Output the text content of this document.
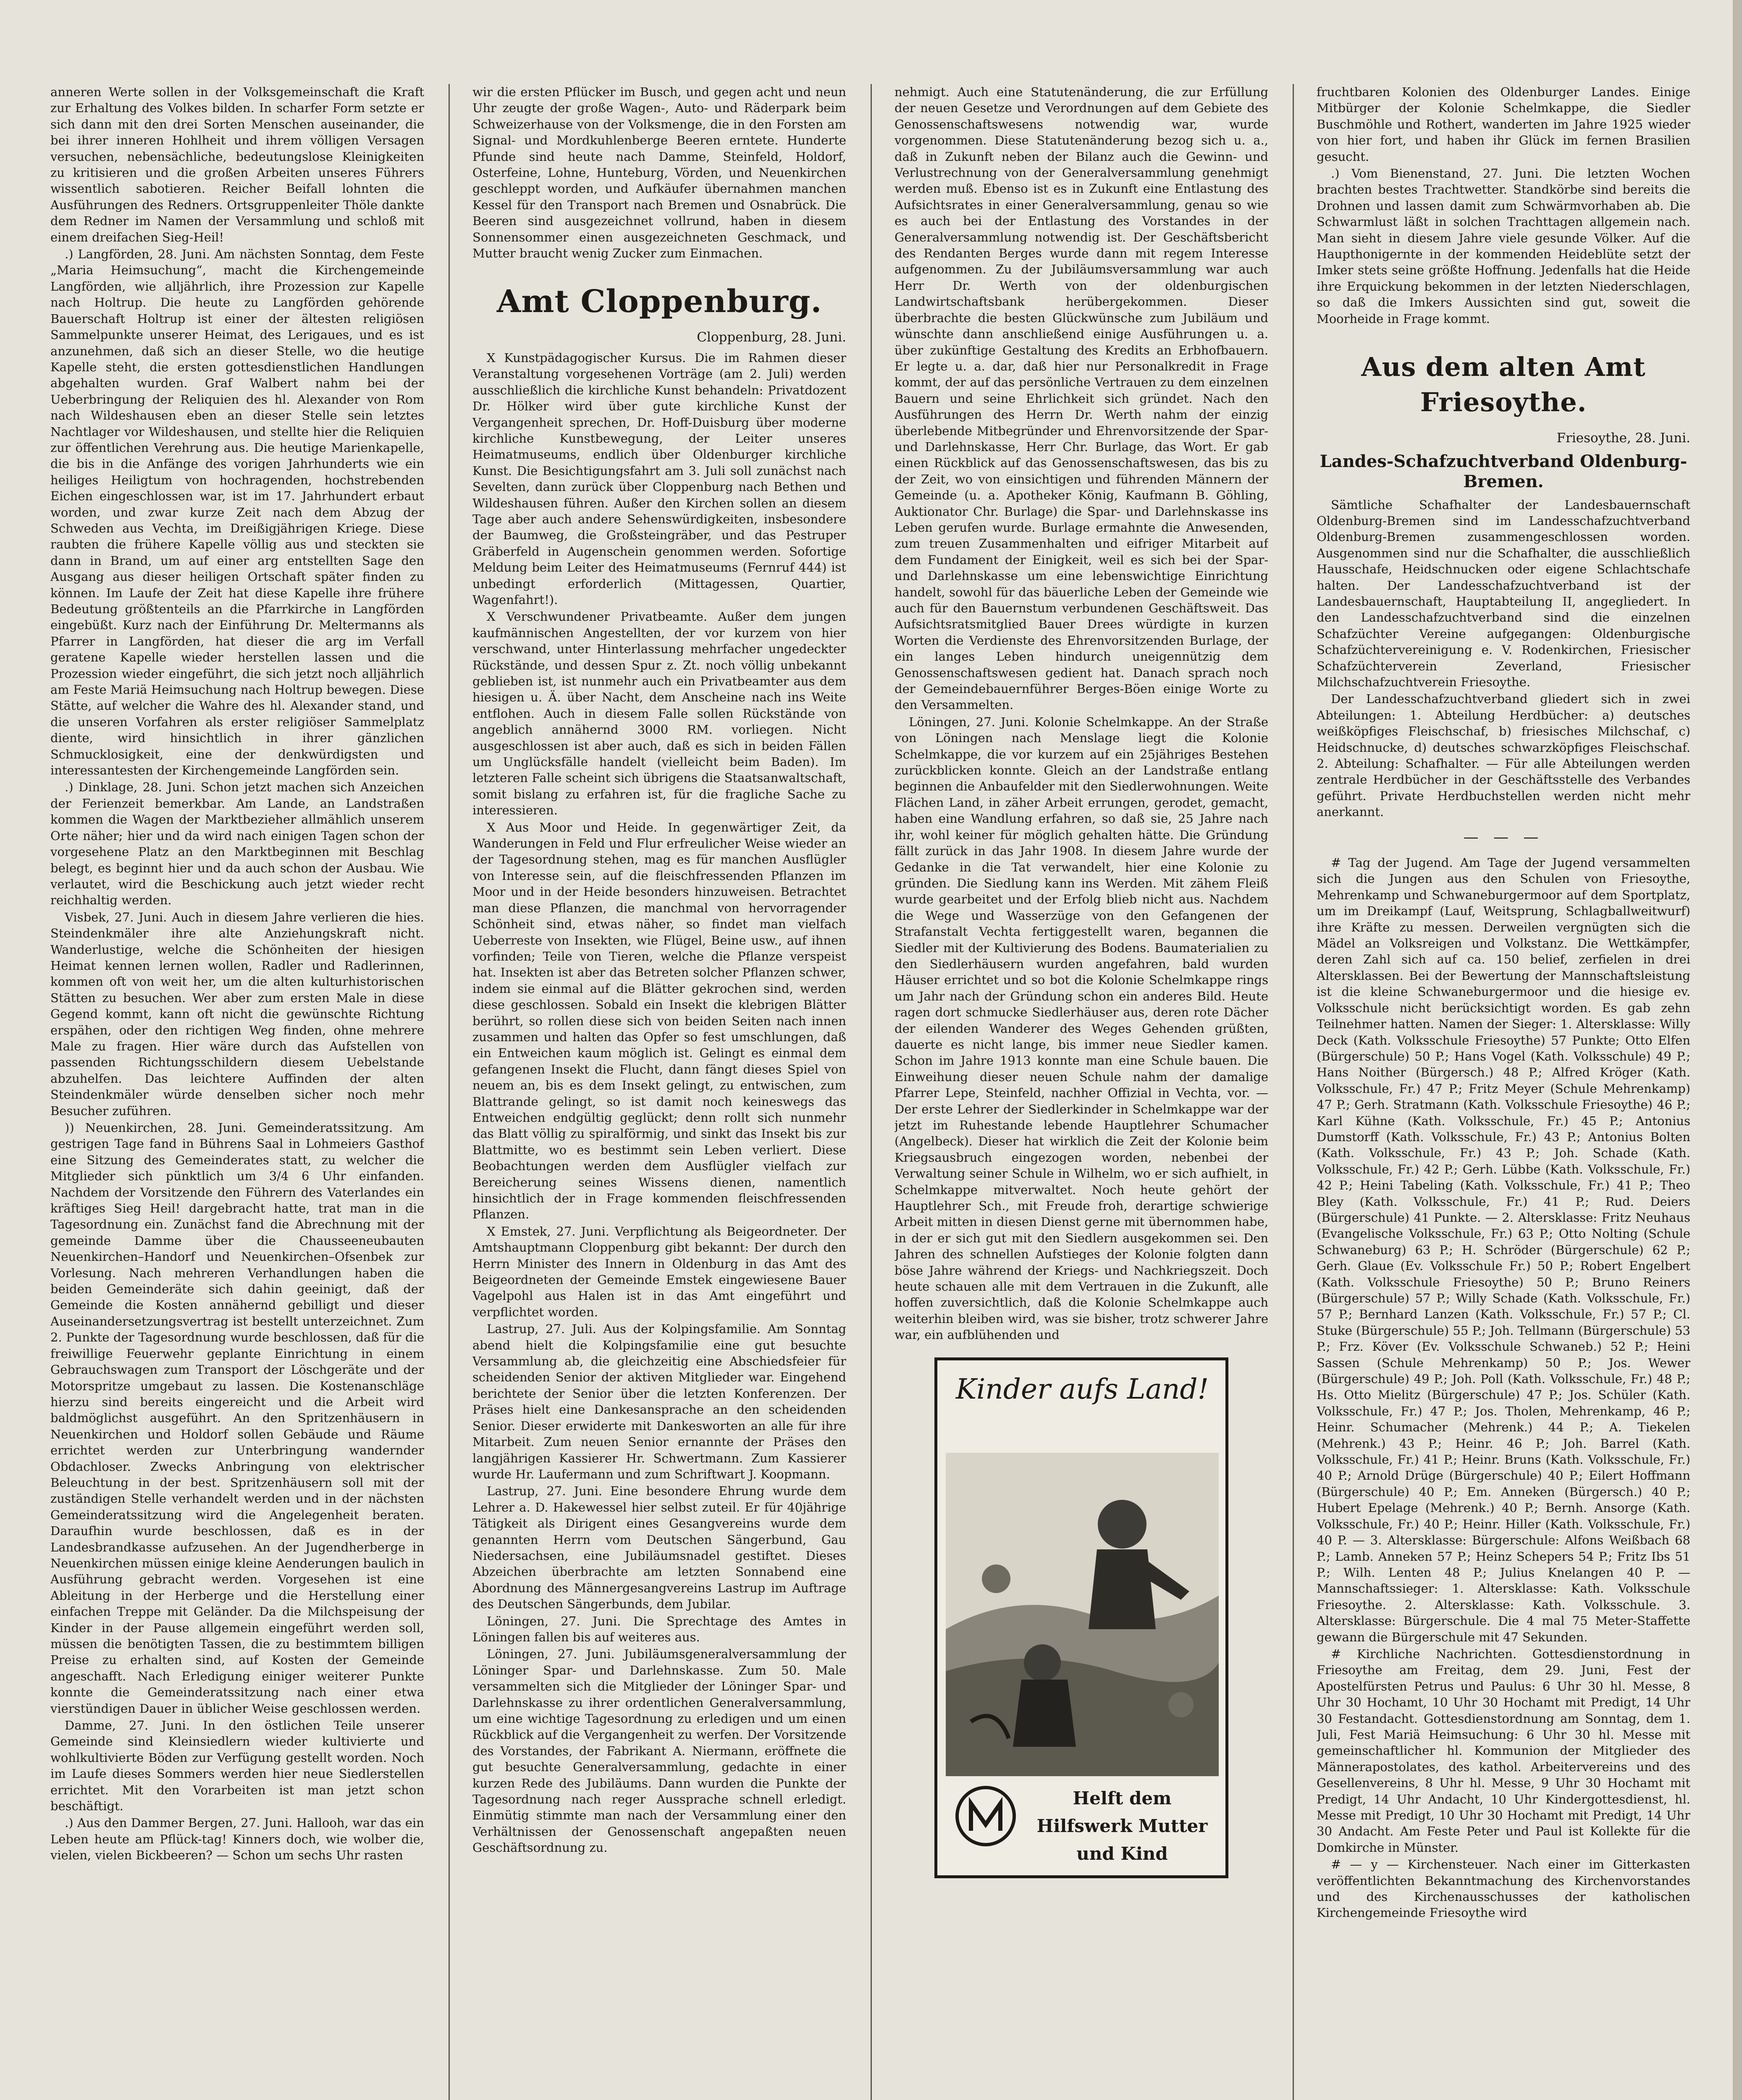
anneren Werte sollen in der Volksgemeinschaft die Kraft zur Erhaltung des Volkes bilden. In scharfer Form setzte er sich dann mit den drei Sorten Menschen auseinander, die bei ihrer inneren Hohlheit und ihrem völligen Versagen versuchen, nebensächliche, bedeutungslose Kleinigkeiten zu kritisieren und die großen Arbeiten unseres Führers wissentlich sabotieren. Reicher Beifall lohnten die Ausführungen des Redners. Ortsgruppenleiter Thöle dankte dem Redner im Namen der Versammlung und schloß mit einem dreifachen Sieg-Heil!

.) Langförden, 28. Juni. Am nächsten Sonntag, dem Feste „Maria Heimsuchung“, macht die Kirchengemeinde Langförden, wie alljährlich, ihre Prozession zur Kapelle nach Holtrup. Die heute zu Langförden gehörende Bauerschaft Holtrup ist einer der ältesten religiösen Sammelpunkte unserer Heimat, des Lerigaues, und es ist anzunehmen, daß sich an dieser Stelle, wo die heutige Kapelle steht, die ersten gottesdienstlichen Handlungen abgehalten wurden. Graf Walbert nahm bei der Ueberbringung der Reliquien des hl. Alexander von Rom nach Wildeshausen eben an dieser Stelle sein letztes Nachtlager vor Wildeshausen, und stellte hier die Reliquien zur öffentlichen Verehrung aus. Die heutige Marienkapelle, die bis in die Anfänge des vorigen Jahrhunderts wie ein heiliges Heiligtum von hochragenden, hochstrebenden Eichen eingeschlossen war, ist im 17. Jahrhundert erbaut worden, und zwar kurze Zeit nach dem Abzug der Schweden aus Vechta, im Dreißigjährigen Kriege. Diese raubten die frühere Kapelle völlig aus und steckten sie dann in Brand, um auf einer arg entstellten Sage den Ausgang aus dieser heiligen Ortschaft später finden zu können. Im Laufe der Zeit hat diese Kapelle ihre frühere Bedeutung größtenteils an die Pfarrkirche in Langförden eingebüßt. Kurz nach der Einführung Dr. Meltermanns als Pfarrer in Langförden, hat dieser die arg im Verfall geratene Kapelle wieder herstellen lassen und die Prozession wieder eingeführt, die sich jetzt noch alljährlich am Feste Mariä Heimsuchung nach Holtrup bewegen. Diese Stätte, auf welcher die Wahre des hl. Alexander stand, und die unseren Vorfahren als erster religiöser Sammelplatz diente, wird hinsichtlich in ihrer gänzlichen Schmucklosigkeit, eine der denkwürdigsten und interessantesten der Kirchengemeinde Langförden sein.

.) Dinklage, 28. Juni. Schon jetzt machen sich Anzeichen der Ferienzeit bemerkbar. Am Lande, an Landstraßen kommen die Wagen der Marktbezieher allmählich unserem Orte näher; hier und da wird nach einigen Tagen schon der vorgesehene Platz an den Marktbeginnen mit Beschlag belegt, es beginnt hier und da auch schon der Ausbau. Wie verlautet, wird die Beschickung auch jetzt wieder recht reichhaltig werden.

Visbek, 27. Juni. Auch in diesem Jahre verlieren die hies. Steindenkmäler ihre alte Anziehungskraft nicht. Wanderlustige, welche die Schönheiten der hiesigen Heimat kennen lernen wollen, Radler und Radlerinnen, kommen oft von weit her, um die alten kulturhistorischen Stätten zu besuchen. Wer aber zum ersten Male in diese Gegend kommt, kann oft nicht die gewünschte Richtung erspähen, oder den richtigen Weg finden, ohne mehrere Male zu fragen. Hier wäre durch das Aufstellen von passenden Richtungsschildern diesem Uebelstande abzuhelfen. Das leichtere Auffinden der alten Steindenkmäler würde denselben sicher noch mehr Besucher zuführen.

)) Neuenkirchen, 28. Juni. Gemeinderatssitzung. Am gestrigen Tage fand in Bührens Saal in Lohmeiers Gasthof eine Sitzung des Gemeinderates statt, zu welcher die Mitglieder sich pünktlich um 3/4 6 Uhr einfanden. Nachdem der Vorsitzende den Führern des Vaterlandes ein kräftiges Sieg Heil! dargebracht hatte, trat man in die Tagesordnung ein. Zunächst fand die Abrechnung mit der gemeinde Damme über die Chausseeneubauten Neuenkirchen–Handorf und Neuenkirchen–Ofsenbek zur Vorlesung. Nach mehreren Verhandlungen haben die beiden Gemeinderäte sich dahin geeinigt, daß der Gemeinde die Kosten annähernd gebilligt und dieser Auseinandersetzungsvertrag ist bestellt unterzeichnet. Zum 2. Punkte der Tagesordnung wurde beschlossen, daß für die freiwillige Feuerwehr geplante Einrichtung in einem Gebrauchswagen zum Transport der Löschgeräte und der Motorspritze umgebaut zu lassen. Die Kostenanschläge hierzu sind bereits eingereicht und die Arbeit wird baldmöglichst ausgeführt. An den Spritzenhäusern in Neuenkirchen und Holdorf sollen Gebäude und Räume errichtet werden zur Unterbringung wandernder Obdachloser. Zwecks Anbringung von elektrischer Beleuchtung in der best. Spritzenhäusern soll mit der zuständigen Stelle verhandelt werden und in der nächsten Gemeinderatssitzung wird die Angelegenheit beraten. Daraufhin wurde beschlossen, daß es in der Landesbrandkasse aufzusehen. An der Jugendherberge in Neuenkirchen müssen einige kleine Aenderungen baulich in Ausführung gebracht werden. Vorgesehen ist eine Ableitung in der Herberge und die Herstellung einer einfachen Treppe mit Geländer. Da die Milchspeisung der Kinder in der Pause allgemein eingeführt werden soll, müssen die benötigten Tassen, die zu bestimmtem billigen Preise zu erhalten sind, auf Kosten der Gemeinde angeschafft. Nach Erledigung einiger weiterer Punkte konnte die Gemeinderatssitzung nach einer etwa vierstündigen Dauer in üblicher Weise geschlossen werden.

Damme, 27. Juni. In den östlichen Teile unserer Gemeinde sind Kleinsiedlern wieder kultivierte und wohlkultivierte Böden zur Verfügung gestellt worden. Noch im Laufe dieses Sommers werden hier neue Siedlerstellen errichtet. Mit den Vorarbeiten ist man jetzt schon beschäftigt.

.) Aus den Dammer Bergen, 27. Juni. Hallooh, war das ein Leben heute am Pflück-tag! Kinners doch, wie wolber die, vielen, vielen Bickbeeren? — Schon um sechs Uhr rasten

wir die ersten Pflücker im Busch, und gegen acht und neun Uhr zeugte der große Wagen-, Auto- und Räderpark beim Schweizerhause von der Volksmenge, die in den Forsten am Signal- und Mordkuhlenberge Beeren erntete. Hunderte Pfunde sind heute nach Damme, Steinfeld, Holdorf, Osterfeine, Lohne, Hunteburg, Vörden, und Neuenkirchen geschleppt worden, und Aufkäufer übernahmen manchen Kessel für den Transport nach Bremen und Osnabrück. Die Beeren sind ausgezeichnet vollrund, haben in diesem Sonnensommer einen ausgezeichneten Geschmack, und Mutter braucht wenig Zucker zum Einmachen.

Amt Cloppenburg.

Cloppenburg, 28. Juni.

X Kunstpädagogischer Kursus. Die im Rahmen dieser Veranstaltung vorgesehenen Vorträge (am 2. Juli) werden ausschließlich die kirchliche Kunst behandeln: Privatdozent Dr. Hölker wird über gute kirchliche Kunst der Vergangenheit sprechen, Dr. Hoff-Duisburg über moderne kirchliche Kunstbewegung, der Leiter unseres Heimatmuseums, endlich über Oldenburger kirchliche Kunst. Die Besichtigungsfahrt am 3. Juli soll zunächst nach Sevelten, dann zurück über Cloppenburg nach Bethen und Wildeshausen führen. Außer den Kirchen sollen an diesem Tage aber auch andere Sehenswürdigkeiten, insbesondere der Baumweg, die Großsteingräber, und das Pestruper Gräberfeld in Augenschein genommen werden. Sofortige Meldung beim Leiter des Heimatmuseums (Fernruf 444) ist unbedingt erforderlich (Mittagessen, Quartier, Wagenfahrt!).

X Verschwundener Privatbeamte. Außer dem jungen kaufmännischen Angestellten, der vor kurzem von hier verschwand, unter Hinterlassung mehrfacher ungedeckter Rückstände, und dessen Spur z. Zt. noch völlig unbekannt geblieben ist, ist nunmehr auch ein Privatbeamter aus dem hiesigen u. Ä. über Nacht, dem Anscheine nach ins Weite entflohen. Auch in diesem Falle sollen Rückstände von angeblich annähernd 3000 RM. vorliegen. Nicht ausgeschlossen ist aber auch, daß es sich in beiden Fällen um Unglücksfälle handelt (vielleicht beim Baden). Im letzteren Falle scheint sich übrigens die Staatsanwaltschaft, somit bislang zu erfahren ist, für die fragliche Sache zu interessieren.

X Aus Moor und Heide. In gegenwärtiger Zeit, da Wanderungen in Feld und Flur erfreulicher Weise wieder an der Tagesordnung stehen, mag es für manchen Ausflügler von Interesse sein, auf die fleischfressenden Pflanzen im Moor und in der Heide besonders hinzuweisen. Betrachtet man diese Pflanzen, die manchmal von hervorragender Schönheit sind, etwas näher, so findet man vielfach Ueberreste von Insekten, wie Flügel, Beine usw., auf ihnen vorfinden; Teile von Tieren, welche die Pflanze verspeist hat. Insekten ist aber das Betreten solcher Pflanzen schwer, indem sie einmal auf die Blätter gekrochen sind, werden diese geschlossen. Sobald ein Insekt die klebrigen Blätter berührt, so rollen diese sich von beiden Seiten nach innen zusammen und halten das Opfer so fest umschlungen, daß ein Entweichen kaum möglich ist. Gelingt es einmal dem gefangenen Insekt die Flucht, dann fängt dieses Spiel von neuem an, bis es dem Insekt gelingt, zu entwischen, zum Blattrande gelingt, so ist damit noch keineswegs das Entweichen endgültig geglückt; denn rollt sich nunmehr das Blatt völlig zu spiralförmig, und sinkt das Insekt bis zur Blattmitte, wo es bestimmt sein Leben verliert. Diese Beobachtungen werden dem Ausflügler vielfach zur Bereicherung seines Wissens dienen, namentlich hinsichtlich der in Frage kommenden fleischfressenden Pflanzen.

X Emstek, 27. Juni. Verpflichtung als Beigeordneter. Der Amtshauptmann Cloppenburg gibt bekannt: Der durch den Herrn Minister des Innern in Oldenburg in das Amt des Beigeordneten der Gemeinde Emstek eingewiesene Bauer Vagelpohl aus Halen ist in das Amt eingeführt und verpflichtet worden.

Lastrup, 27. Juli. Aus der Kolpingsfamilie. Am Sonntag abend hielt die Kolpingsfamilie eine gut besuchte Versammlung ab, die gleichzeitig eine Abschiedsfeier für scheidenden Senior der aktiven Mitglieder war. Eingehend berichtete der Senior über die letzten Konferenzen. Der Präses hielt eine Dankesansprache an den scheidenden Senior. Dieser erwiderte mit Dankesworten an alle für ihre Mitarbeit. Zum neuen Senior ernannte der Präses den langjährigen Kassierer Hr. Schwertmann. Zum Kassierer wurde Hr. Laufermann und zum Schriftwart J. Koopmann.

Lastrup, 27. Juni. Eine besondere Ehrung wurde dem Lehrer a. D. Hakewessel hier selbst zuteil. Er für 40jährige Tätigkeit als Dirigent eines Gesangvereins wurde dem genannten Herrn vom Deutschen Sängerbund, Gau Niedersachsen, eine Jubiläumsnadel gestiftet. Dieses Abzeichen überbrachte am letzten Sonnabend eine Abordnung des Männergesangvereins Lastrup im Auftrage des Deutschen Sängerbunds, dem Jubilar.

Löningen, 27. Juni. Die Sprechtage des Amtes in Löningen fallen bis auf weiteres aus.

Löningen, 27. Juni. Jubiläumsgeneralversammlung der Löninger Spar- und Darlehnskasse. Zum 50. Male versammelten sich die Mitglieder der Löninger Spar- und Darlehnskasse zu ihrer ordentlichen Generalversammlung, um eine wichtige Tagesordnung zu erledigen und um einen Rückblick auf die Vergangenheit zu werfen. Der Vorsitzende des Vorstandes, der Fabrikant A. Niermann, eröffnete die gut besuchte Generalversammlung, gedachte in einer kurzen Rede des Jubiläums. Dann wurden die Punkte der Tagesordnung nach reger Aussprache schnell erledigt. Einmütig stimmte man nach der Versammlung einer den Verhältnissen der Genossenschaft angepaßten neuen Geschäftsordnung zu.

nehmigt. Auch eine Statutenänderung, die zur Erfüllung der neuen Gesetze und Verordnungen auf dem Gebiete des Genossenschaftswesens notwendig war, wurde vorgenommen. Diese Statutenänderung bezog sich u. a., daß in Zukunft neben der Bilanz auch die Gewinn- und Verlustrechnung von der Generalversammlung genehmigt werden muß. Ebenso ist es in Zukunft eine Entlastung des Aufsichtsrates in einer Generalversammlung, genau so wie es auch bei der Entlastung des Vorstandes in der Generalversammlung notwendig ist. Der Geschäftsbericht des Rendanten Berges wurde dann mit regem Interesse aufgenommen. Zu der Jubiläumsversammlung war auch Herr Dr. Werth von der oldenburgischen Landwirtschaftsbank herübergekommen. Dieser überbrachte die besten Glückwünsche zum Jubiläum und wünschte dann anschließend einige Ausführungen u. a. über zukünftige Gestaltung des Kredits an Erbhofbauern. Er legte u. a. dar, daß hier nur Personalkredit in Frage kommt, der auf das persönliche Vertrauen zu dem einzelnen Bauern und seine Ehrlichkeit sich gründet. Nach den Ausführungen des Herrn Dr. Werth nahm der einzig überlebende Mitbegründer und Ehrenvorsitzende der Spar- und Darlehnskasse, Herr Chr. Burlage, das Wort. Er gab einen Rückblick auf das Genossenschaftswesen, das bis zu der Zeit, wo von einsichtigen und führenden Männern der Gemeinde (u. a. Apotheker König, Kaufmann B. Göhling, Auktionator Chr. Burlage) die Spar- und Darlehnskasse ins Leben gerufen wurde. Burlage ermahnte die Anwesenden, zum treuen Zusammenhalten und eifriger Mitarbeit auf dem Fundament der Einigkeit, weil es sich bei der Spar- und Darlehnskasse um eine lebenswichtige Einrichtung handelt, sowohl für das bäuerliche Leben der Gemeinde wie auch für den Bauernstum verbundenen Geschäftsweit. Das Aufsichtsratsmitglied Bauer Drees würdigte in kurzen Worten die Verdienste des Ehrenvorsitzenden Burlage, der ein langes Leben hindurch uneigennützig dem Genossenschaftswesen gedient hat. Danach sprach noch der Gemeindebauernführer Berges-Böen einige Worte zu den Versammelten.

Löningen, 27. Juni. Kolonie Schelmkappe. An der Straße von Löningen nach Menslage liegt die Kolonie Schelmkappe, die vor kurzem auf ein 25jähriges Bestehen zurückblicken konnte. Gleich an der Landstraße entlang beginnen die Anbaufelder mit den Siedlerwohnungen. Weite Flächen Land, in zäher Arbeit errungen, gerodet, gemacht, haben eine Wandlung erfahren, so daß sie, 25 Jahre nach ihr, wohl keiner für möglich gehalten hätte. Die Gründung fällt zurück in das Jahr 1908. In diesem Jahre wurde der Gedanke in die Tat verwandelt, hier eine Kolonie zu gründen. Die Siedlung kann ins Werden. Mit zähem Fleiß wurde gearbeitet und der Erfolg blieb nicht aus. Nachdem die Wege und Wasserzüge von den Gefangenen der Strafanstalt Vechta fertiggestellt waren, begannen die Siedler mit der Kultivierung des Bodens. Baumaterialien zu den Siedlerhäusern wurden angefahren, bald wurden Häuser errichtet und so bot die Kolonie Schelmkappe rings um Jahr nach der Gründung schon ein anderes Bild. Heute ragen dort schmucke Siedlerhäuser aus, deren rote Dächer der eilenden Wanderer des Weges Gehenden grüßten, dauerte es nicht lange, bis immer neue Siedler kamen. Schon im Jahre 1913 konnte man eine Schule bauen. Die Einweihung dieser neuen Schule nahm der damalige Pfarrer Lepe, Steinfeld, nachher Offizial in Vechta, vor. — Der erste Lehrer der Siedlerkinder in Schelmkappe war der jetzt im Ruhestande lebende Hauptlehrer Schumacher (Angelbeck). Dieser hat wirklich die Zeit der Kolonie beim Kriegsausbruch eingezogen worden, nebenbei der Verwaltung seiner Schule in Wilhelm, wo er sich aufhielt, in Schelmkappe mitverwaltet. Noch heute gehört der Hauptlehrer Sch., mit Freude froh, derartige schwierige Arbeit mitten in diesen Dienst gerne mit übernommen habe, in der er sich gut mit den Siedlern ausgekommen sei. Den Jahren des schnellen Aufstieges der Kolonie folgten dann böse Jahre während der Kriegs- und Nachkriegszeit. Doch heute schauen alle mit dem Vertrauen in die Zukunft, alle hoffen zuversichtlich, daß die Kolonie Schelmkappe auch weiterhin bleiben wird, was sie bisher, trotz schwerer Jahre war, ein aufblühenden und

Kinder aufs Land!
Helft dem Hilfswerk Mutter und Kind

fruchtbaren Kolonien des Oldenburger Landes. Einige Mitbürger der Kolonie Schelmkappe, die Siedler Buschmöhle und Rothert, wanderten im Jahre 1925 wieder von hier fort, und haben ihr Glück im fernen Brasilien gesucht.

.) Vom Bienenstand, 27. Juni. Die letzten Wochen brachten bestes Trachtwetter. Standkörbe sind bereits die Drohnen und lassen damit zum Schwärmvorhaben ab. Die Schwarmlust läßt in solchen Trachttagen allgemein nach. Man sieht in diesem Jahre viele gesunde Völker. Auf die Haupthonigernte in der kommenden Heideblüte setzt der Imker stets seine größte Hoffnung. Jedenfalls hat die Heide ihre Erquickung bekommen in der letzten Niederschlagen, so daß die Imkers Aussichten sind gut, soweit die Moorheide in Frage kommt.

Aus dem alten Amt Friesoythe.

Friesoythe, 28. Juni.

Landes-Schafzuchtverband Oldenburg-Bremen.

Sämtliche Schafhalter der Landesbauernschaft Oldenburg-Bremen sind im Landesschafzuchtverband Oldenburg-Bremen zusammengeschlossen worden. Ausgenommen sind nur die Schafhalter, die ausschließlich Hausschafe, Heidschnucken oder eigene Schlachtschafe halten. Der Landesschafzuchtverband ist der Landesbauernschaft, Hauptabteilung II, angegliedert. In den Landesschafzuchtverband sind die einzelnen Schafzüchter Vereine aufgegangen: Oldenburgische Schafzüchtervereinigung e. V. Rodenkirchen, Friesischer Schafzüchterverein Zeverland, Friesischer Milchschafzuchtverein Friesoythe.

Der Landesschafzuchtverband gliedert sich in zwei Abteilungen: 1. Abteilung Herdbücher: a) deutsches weißköpfiges Fleischschaf, b) friesisches Milchschaf, c) Heidschnucke, d) deutsches schwarzköpfiges Fleischschaf. 2. Abteilung: Schafhalter. — Für alle Abteilungen werden zentrale Herdbücher in der Geschäftsstelle des Verbandes geführt. Private Herdbuchstellen werden nicht mehr anerkannt.

— — —

# Tag der Jugend. Am Tage der Jugend versammelten sich die Jungen aus den Schulen von Friesoythe, Mehrenkamp und Schwaneburgermoor auf dem Sportplatz, um im Dreikampf (Lauf, Weitsprung, Schlagballweitwurf) ihre Kräfte zu messen. Derweilen vergnügten sich die Mädel an Volksreigen und Volkstanz. Die Wettkämpfer, deren Zahl sich auf ca. 150 belief, zerfielen in drei Altersklassen. Bei der Bewertung der Mannschaftsleistung ist die kleine Schwaneburgermoor und die hiesige ev. Volksschule nicht berücksichtigt worden. Es gab zehn Teilnehmer hatten. Namen der Sieger: 1. Altersklasse: Willy Deck (Kath. Volksschule Friesoythe) 57 Punkte; Otto Elfen (Bürgerschule) 50 P.; Hans Vogel (Kath. Volksschule) 49 P.; Hans Noither (Bürgersch.) 48 P.; Alfred Kröger (Kath. Volksschule, Fr.) 47 P.; Fritz Meyer (Schule Mehrenkamp) 47 P.; Gerh. Stratmann (Kath. Volksschule Friesoythe) 46 P.; Karl Kühne (Kath. Volksschule, Fr.) 45 P.; Antonius Dumstorff (Kath. Volksschule, Fr.) 43 P.; Antonius Bolten (Kath. Volksschule, Fr.) 43 P.; Joh. Schade (Kath. Volksschule, Fr.) 42 P.; Gerh. Lübbe (Kath. Volksschule, Fr.) 42 P.; Heini Tabeling (Kath. Volksschule, Fr.) 41 P.; Theo Bley (Kath. Volksschule, Fr.) 41 P.; Rud. Deiers (Bürgerschule) 41 Punkte. — 2. Altersklasse: Fritz Neuhaus (Evangelische Volksschule, Fr.) 63 P.; Otto Nolting (Schule Schwaneburg) 63 P.; H. Schröder (Bürgerschule) 62 P.; Gerh. Glaue (Ev. Volksschule Fr.) 50 P.; Robert Engelbert (Kath. Volksschule Friesoythe) 50 P.; Bruno Reiners (Bürgerschule) 57 P.; Willy Schade (Kath. Volksschule, Fr.) 57 P.; Bernhard Lanzen (Kath. Volksschule, Fr.) 57 P.; Cl. Stuke (Bürgerschule) 55 P.; Joh. Tellmann (Bürgerschule) 53 P.; Frz. Köver (Ev. Volksschule Schwaneb.) 52 P.; Heini Sassen (Schule Mehrenkamp) 50 P.; Jos. Wewer (Bürgerschule) 49 P.; Joh. Poll (Kath. Volksschule, Fr.) 48 P.; Hs. Otto Mielitz (Bürgerschule) 47 P.; Jos. Schüler (Kath. Volksschule, Fr.) 47 P.; Jos. Tholen, Mehrenkamp, 46 P.; Heinr. Schumacher (Mehrenk.) 44 P.; A. Tiekelen (Mehrenk.) 43 P.; Heinr. 46 P.; Joh. Barrel (Kath. Volksschule, Fr.) 41 P.; Heinr. Bruns (Kath. Volksschule, Fr.) 40 P.; Arnold Drüge (Bürgerschule) 40 P.; Eilert Hoffmann (Bürgerschule) 40 P.; Em. Anneken (Bürgersch.) 40 P.; Hubert Epelage (Mehrenk.) 40 P.; Bernh. Ansorge (Kath. Volksschule, Fr.) 40 P.; Heinr. Hiller (Kath. Volksschule, Fr.) 40 P. — 3. Altersklasse: Bürgerschule: Alfons Weißbach 68 P.; Lamb. Anneken 57 P.; Heinz Schepers 54 P.; Fritz Ibs 51 P.; Wilh. Lenten 48 P.; Julius Knelangen 40 P. — Mannschaftssieger: 1. Altersklasse: Kath. Volksschule Friesoythe. 2. Altersklasse: Kath. Volksschule. 3. Altersklasse: Bürgerschule. Die 4 mal 75 Meter-Staffette gewann die Bürgerschule mit 47 Sekunden.

# Kirchliche Nachrichten. Gottesdienstordnung in Friesoythe am Freitag, dem 29. Juni, Fest der Apostelfürsten Petrus und Paulus: 6 Uhr 30 hl. Messe, 8 Uhr 30 Hochamt, 10 Uhr 30 Hochamt mit Predigt, 14 Uhr 30 Festandacht. Gottesdienstordnung am Sonntag, dem 1. Juli, Fest Mariä Heimsuchung: 6 Uhr 30 hl. Messe mit gemeinschaftlicher hl. Kommunion der Mitglieder des Männerapostolates, des kathol. Arbeitervereins und des Gesellenvereins, 8 Uhr hl. Messe, 9 Uhr 30 Hochamt mit Predigt, 14 Uhr Andacht, 10 Uhr Kindergottesdienst, hl. Messe mit Predigt, 10 Uhr 30 Hochamt mit Predigt, 14 Uhr 30 Andacht. Am Feste Peter und Paul ist Kollekte für die Domkirche in Münster.

# — y — Kirchensteuer. Nach einer im Gitterkasten veröffentlichten Bekanntmachung des Kirchenvorstandes und des Kirchenausschusses der katholischen Kirchengemeinde Friesoythe wird
